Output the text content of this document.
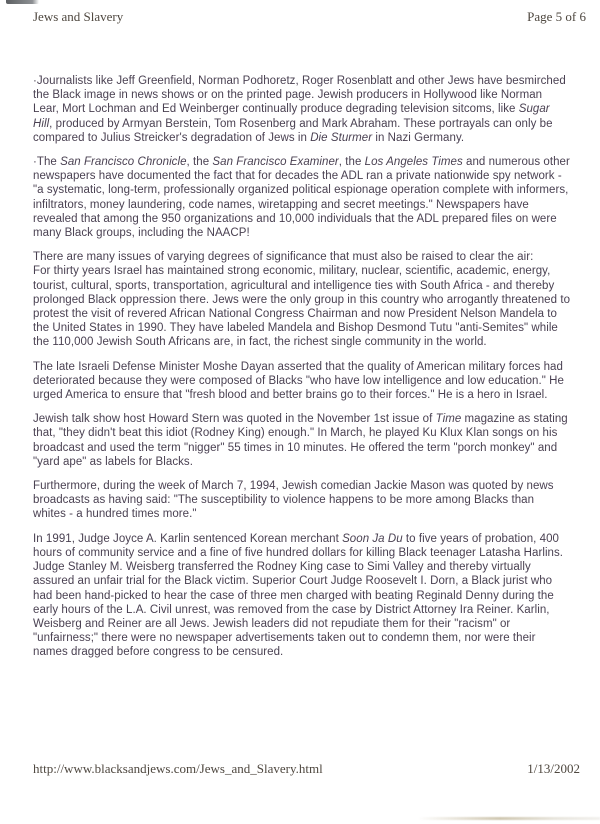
Jews and Slavery	Page 5 of 6

·Journalists like Jeff Greenfield, Norman Podhoretz, Roger Rosenblatt and other Jews have besmirched the Black image in news shows or on the printed page. Jewish producers in Hollywood like Norman Lear, Mort Lochman and Ed Weinberger continually produce degrading television sitcoms, like Sugar Hill, produced by Armyan Berstein, Tom Rosenberg and Mark Abraham. These portrayals can only be compared to Julius Streicker's degradation of Jews in Die Sturmer in Nazi Germany.

·The San Francisco Chronicle, the San Francisco Examiner, the Los Angeles Times and numerous other newspapers have documented the fact that for decades the ADL ran a private nationwide spy network - "a systematic, long-term, professionally organized political espionage operation complete with informers, infiltrators, money laundering, code names, wiretapping and secret meetings." Newspapers have revealed that among the 950 organizations and 10,000 individuals that the ADL prepared files on were many Black groups, including the NAACP!

There are many issues of varying degrees of significance that must also be raised to clear the air:
For thirty years Israel has maintained strong economic, military, nuclear, scientific, academic, energy, tourist, cultural, sports, transportation, agricultural and intelligence ties with South Africa - and thereby prolonged Black oppression there. Jews were the only group in this country who arrogantly threatened to protest the visit of revered African National Congress Chairman and now President Nelson Mandela to the United States in 1990. They have labeled Mandela and Bishop Desmond Tutu "anti-Semites" while the 110,000 Jewish South Africans are, in fact, the richest single community in the world.

The late Israeli Defense Minister Moshe Dayan asserted that the quality of American military forces had deteriorated because they were composed of Blacks "who have low intelligence and low education." He urged America to ensure that "fresh blood and better brains go to their forces." He is a hero in Israel.

Jewish talk show host Howard Stern was quoted in the November 1st issue of Time magazine as stating that, "they didn't beat this idiot (Rodney King) enough." In March, he played Ku Klux Klan songs on his broadcast and used the term "nigger" 55 times in 10 minutes. He offered the term "porch monkey" and "yard ape" as labels for Blacks.

Furthermore, during the week of March 7, 1994, Jewish comedian Jackie Mason was quoted by news broadcasts as having said: "The susceptibility to violence happens to be more among Blacks than whites - a hundred times more."

In 1991, Judge Joyce A. Karlin sentenced Korean merchant Soon Ja Du to five years of probation, 400 hours of community service and a fine of five hundred dollars for killing Black teenager Latasha Harlins. Judge Stanley M. Weisberg transferred the Rodney King case to Simi Valley and thereby virtually assured an unfair trial for the Black victim. Superior Court Judge Roosevelt I. Dorn, a Black jurist who had been hand-picked to hear the case of three men charged with beating Reginald Denny during the early hours of the L.A. Civil unrest, was removed from the case by District Attorney Ira Reiner. Karlin, Weisberg and Reiner are all Jews. Jewish leaders did not repudiate them for their "racism" or "unfairness;" there were no newspaper advertisements taken out to condemn them, nor were their names dragged before congress to be censured.

http://www.blacksandjews.com/Jews_and_Slavery.html	1/13/2002
